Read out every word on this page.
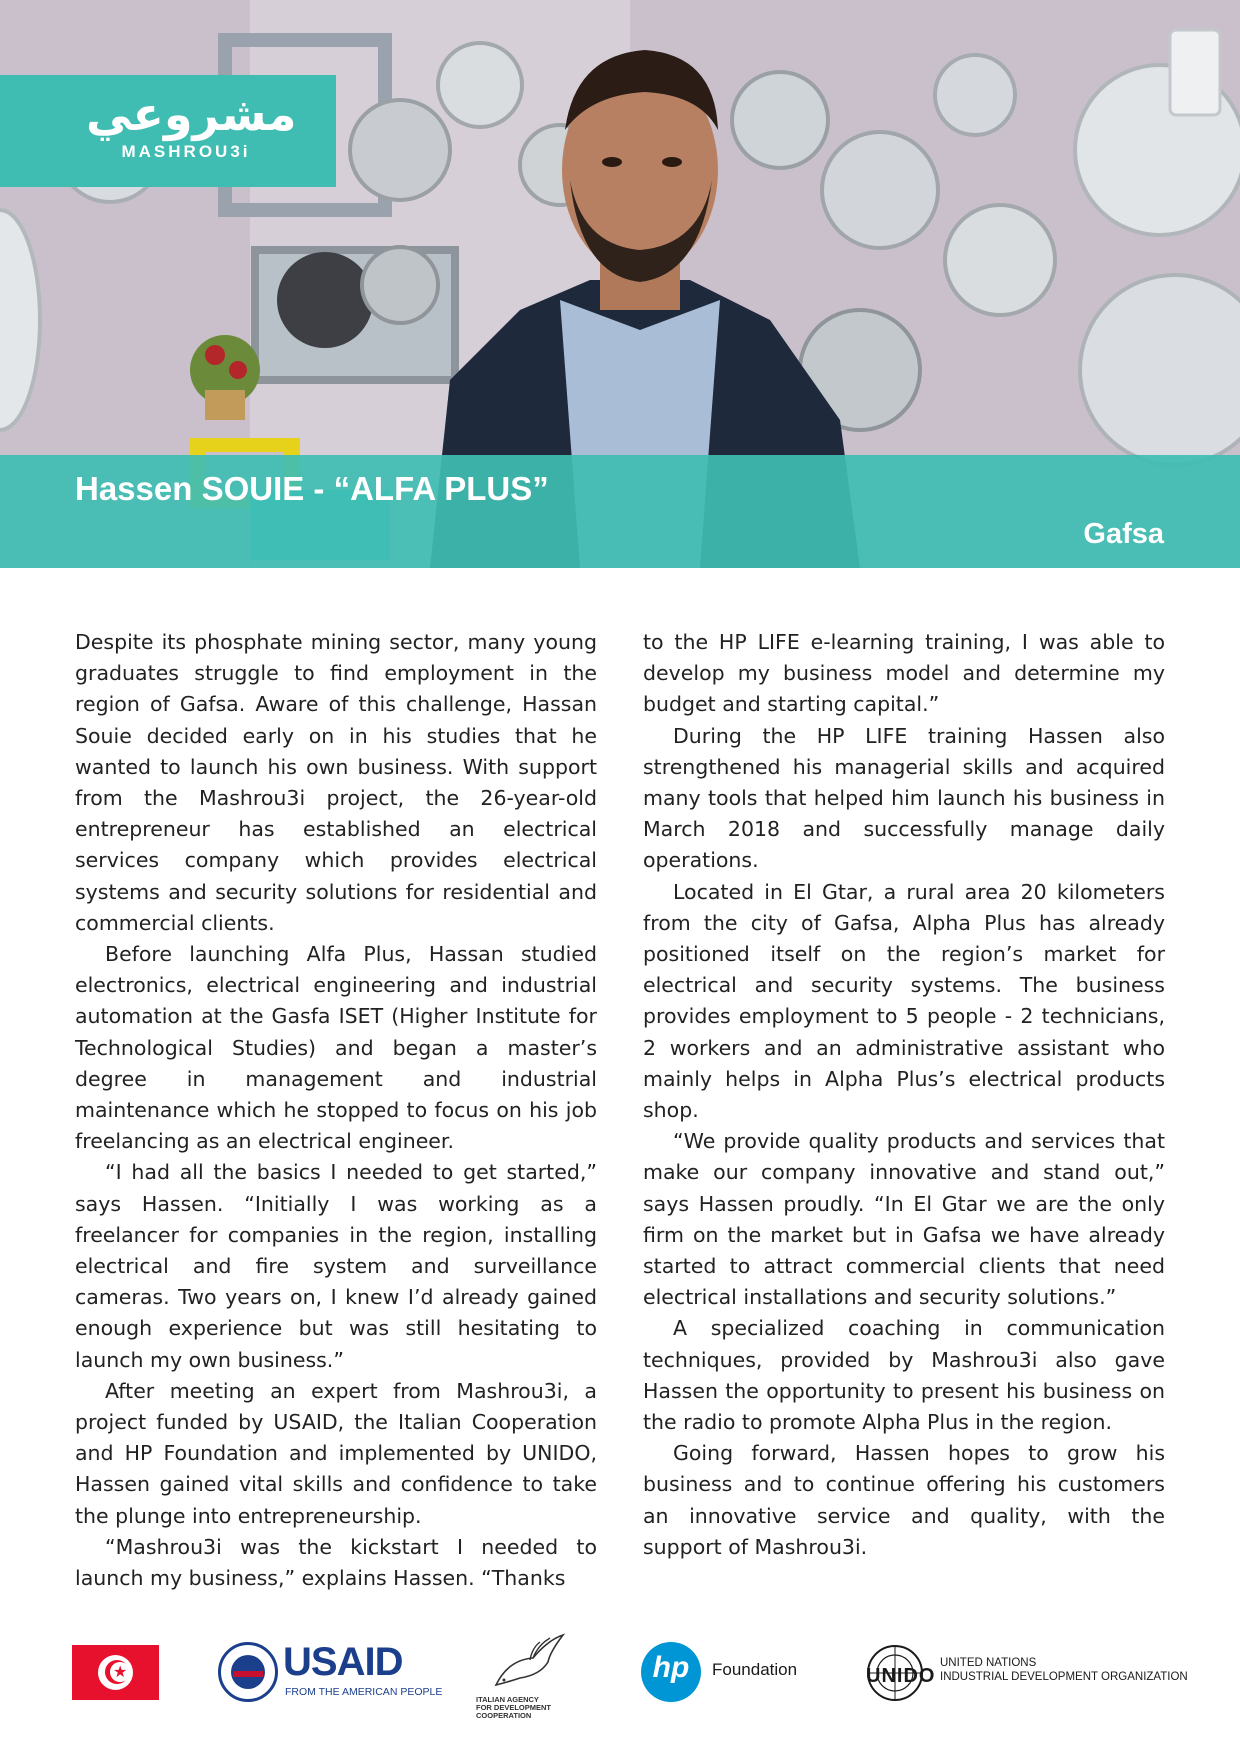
مشروعي
MASHROU3i
Hassen SOUIE - “ALFA PLUS”
Gafsa

Despite its phosphate mining sector, many young graduates struggle to find employment in the region of Gafsa. Aware of this challenge, Hassan Souie decided early on in his studies that he wanted to launch his own business. With support from the Mashrou3i project, the 26-year-old entrepreneur has established an electrical services company which provides electrical systems and security solutions for residential and commercial clients.

Before launching Alfa Plus, Hassan studied electronics, electrical engineering and industrial automation at the Gasfa ISET (Higher Institute for Technological Studies) and began a master’s degree in management and industrial maintenance which he stopped to focus on his job freelancing as an electrical engineer.

“I had all the basics I needed to get started,” says Hassen. “Initially I was working as a freelancer for companies in the region, installing electrical and fire system and surveillance cameras. Two years on, I knew I’d already gained enough experience but was still hesitating to launch my own business.”

After meeting an expert from Mashrou3i, a project funded by USAID, the Italian Cooperation and HP Foundation and implemented by UNIDO, Hassen gained vital skills and confidence to take the plunge into entrepreneurship.

“Mashrou3i was the kickstart I needed to launch my business,” explains Hassen. “Thanks

to the HP LIFE e-learning training, I was able to develop my business model and determine my budget and starting capital.”

During the HP LIFE training Hassen also strengthened his managerial skills and acquired many tools that helped him launch his business in March 2018 and successfully manage daily operations.

Located in El Gtar, a rural area 20 kilometers from the city of Gafsa, Alpha Plus has already positioned itself on the region’s market for electrical and security systems. The business provides employment to 5 people - 2 technicians, 2 workers and an administrative assistant who mainly helps in Alpha Plus’s electrical products shop.

“We provide quality products and services that make our company innovative and stand out,” says Hassen proudly. “In El Gtar we are the only firm on the market but in Gafsa we have already started to attract commercial clients that need electrical installations and security solutions.”

A specialized coaching in communication techniques, provided by Mashrou3i also gave Hassen the opportunity to present his business on the radio to promote Alpha Plus in the region.

Going forward, Hassen hopes to grow his business and to continue offering his customers an innovative service and quality, with the support of Mashrou3i.

★	USAID
FROM THE AMERICAN PEOPLE
ITALIAN AGENCY
FOR DEVELOPMENT
COOPERATION
hp	Foundation	UNIDO
UNITED NATIONS
INDUSTRIAL DEVELOPMENT ORGANIZATION
